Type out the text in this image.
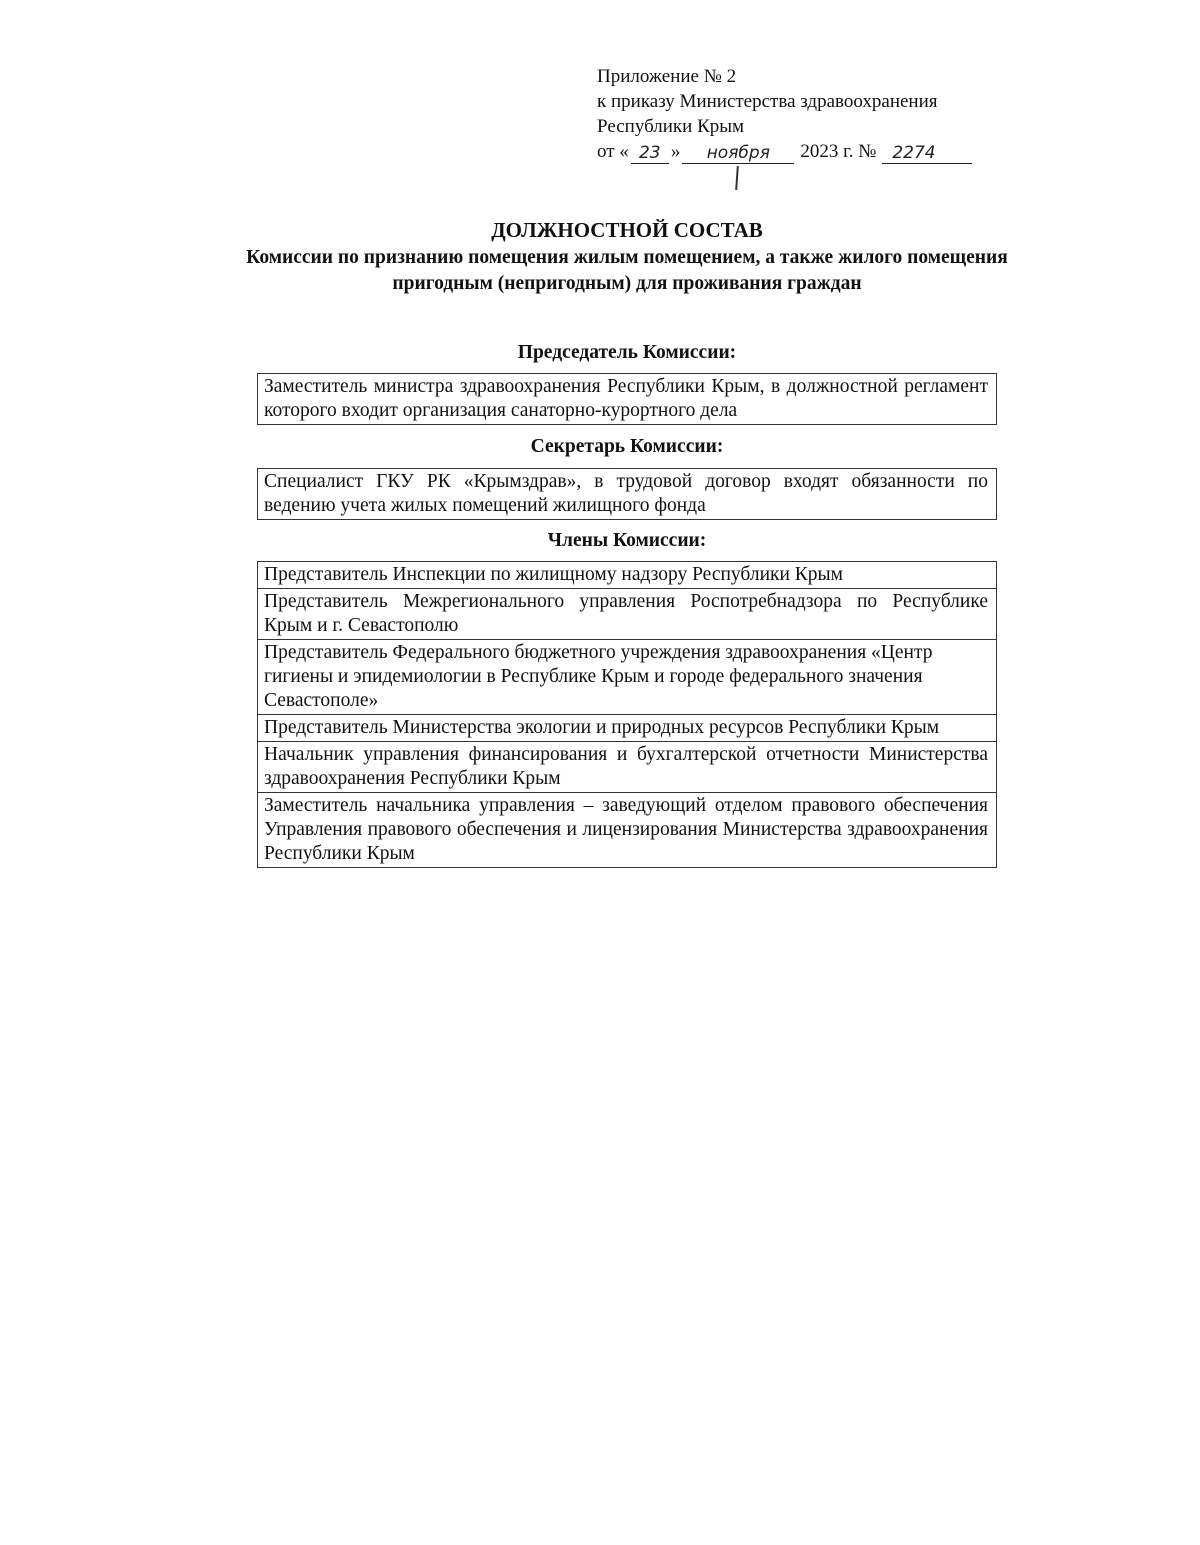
Приложение № 2
к приказу Министерства здравоохранения
Республики Крым
от « 23 »	ноября	2023 г. № 2274
ДОЛЖНОСТНОЙ СОСТАВ
Комиссии по признанию помещения жилым помещением, а также жилого помещения пригодным (непригодным) для проживания граждан
Председатель Комиссии:
Заместитель министра здравоохранения Республики Крым, в должностной регламент которого входит организация санаторно-курортного дела
Секретарь Комиссии:
Специалист ГКУ РК «Крымздрав», в трудовой договор входят обязанности по ведению учета жилых помещений жилищного фонда
Члены Комиссии:
Представитель Инспекции по жилищному надзору Республики Крым
Представитель Межрегионального управления Роспотребнадзора по Республике Крым и г. Севастополю
Представитель Федерального бюджетного учреждения здравоохранения «Центр гигиены и эпидемиологии в Республике Крым и городе федерального значения Севастополе»
Представитель Министерства экологии и природных ресурсов Республики Крым
Начальник управления финансирования и бухгалтерской отчетности Министерства здравоохранения Республики Крым
Заместитель начальника управления – заведующий отделом правового обеспечения Управления правового обеспечения и лицензирования Министерства здравоохранения Республики Крым
